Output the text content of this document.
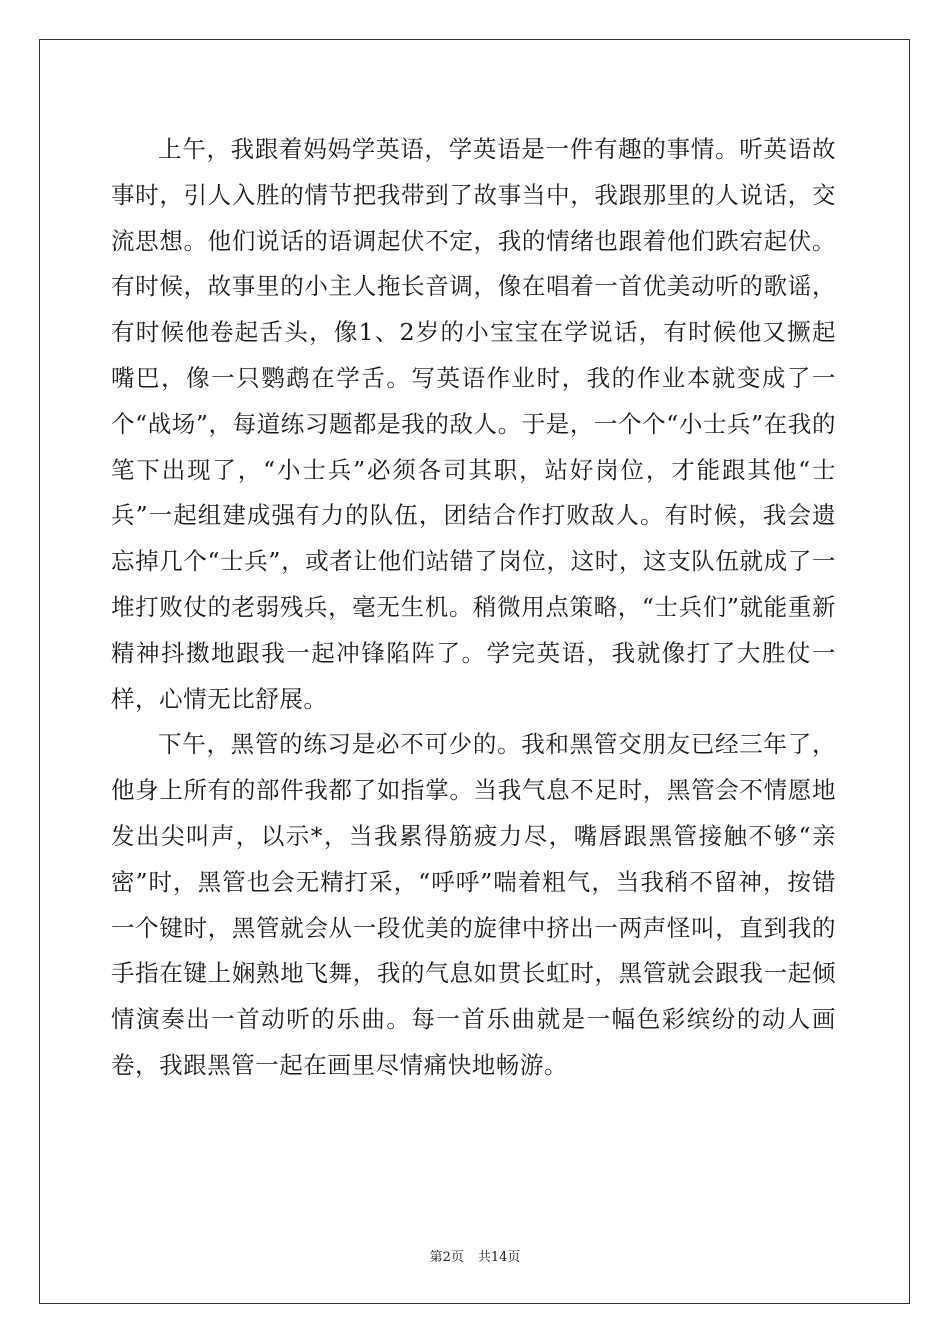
上午，我跟着妈妈学英语，学英语是一件有趣的事情。听英语故事时，引人入胜的情节把我带到了故事当中，我跟那里的人说话，交流思想。他们说话的语调起伏不定，我的情绪也跟着他们跌宕起伏。有时候，故事里的小主人拖长音调，像在唱着一首优美动听的歌谣，有时候他卷起舌头，像1、2岁的小宝宝在学说话，有时候他又撅起嘴巴，像一只鹦鹉在学舌。写英语作业时，我的作业本就变成了一个“战场”，每道练习题都是我的敌人。于是，一个个“小士兵”在我的笔下出现了，“小士兵”必须各司其职，站好岗位，才能跟其他“士兵”一起组建成强有力的队伍，团结合作打败敌人。有时候，我会遗忘掉几个“士兵”，或者让他们站错了岗位，这时，这支队伍就成了一堆打败仗的老弱残兵，毫无生机。稍微用点策略，“士兵们”就能重新精神抖擞地跟我一起冲锋陷阵了。学完英语，我就像打了大胜仗一样，心情无比舒展。

下午，黑管的练习是必不可少的。我和黑管交朋友已经三年了，他身上所有的部件我都了如指掌。当我气息不足时，黑管会不情愿地发出尖叫声，以示*，当我累得筋疲力尽，嘴唇跟黑管接触不够“亲密”时，黑管也会无精打采，“呼呼”喘着粗气，当我稍不留神，按错一个键时，黑管就会从一段优美的旋律中挤出一两声怪叫，直到我的手指在键上娴熟地飞舞，我的气息如贯长虹时，黑管就会跟我一起倾情演奏出一首动听的乐曲。每一首乐曲就是一幅色彩缤纷的动人画卷，我跟黑管一起在画里尽情痛快地畅游。

第2页 共14页
